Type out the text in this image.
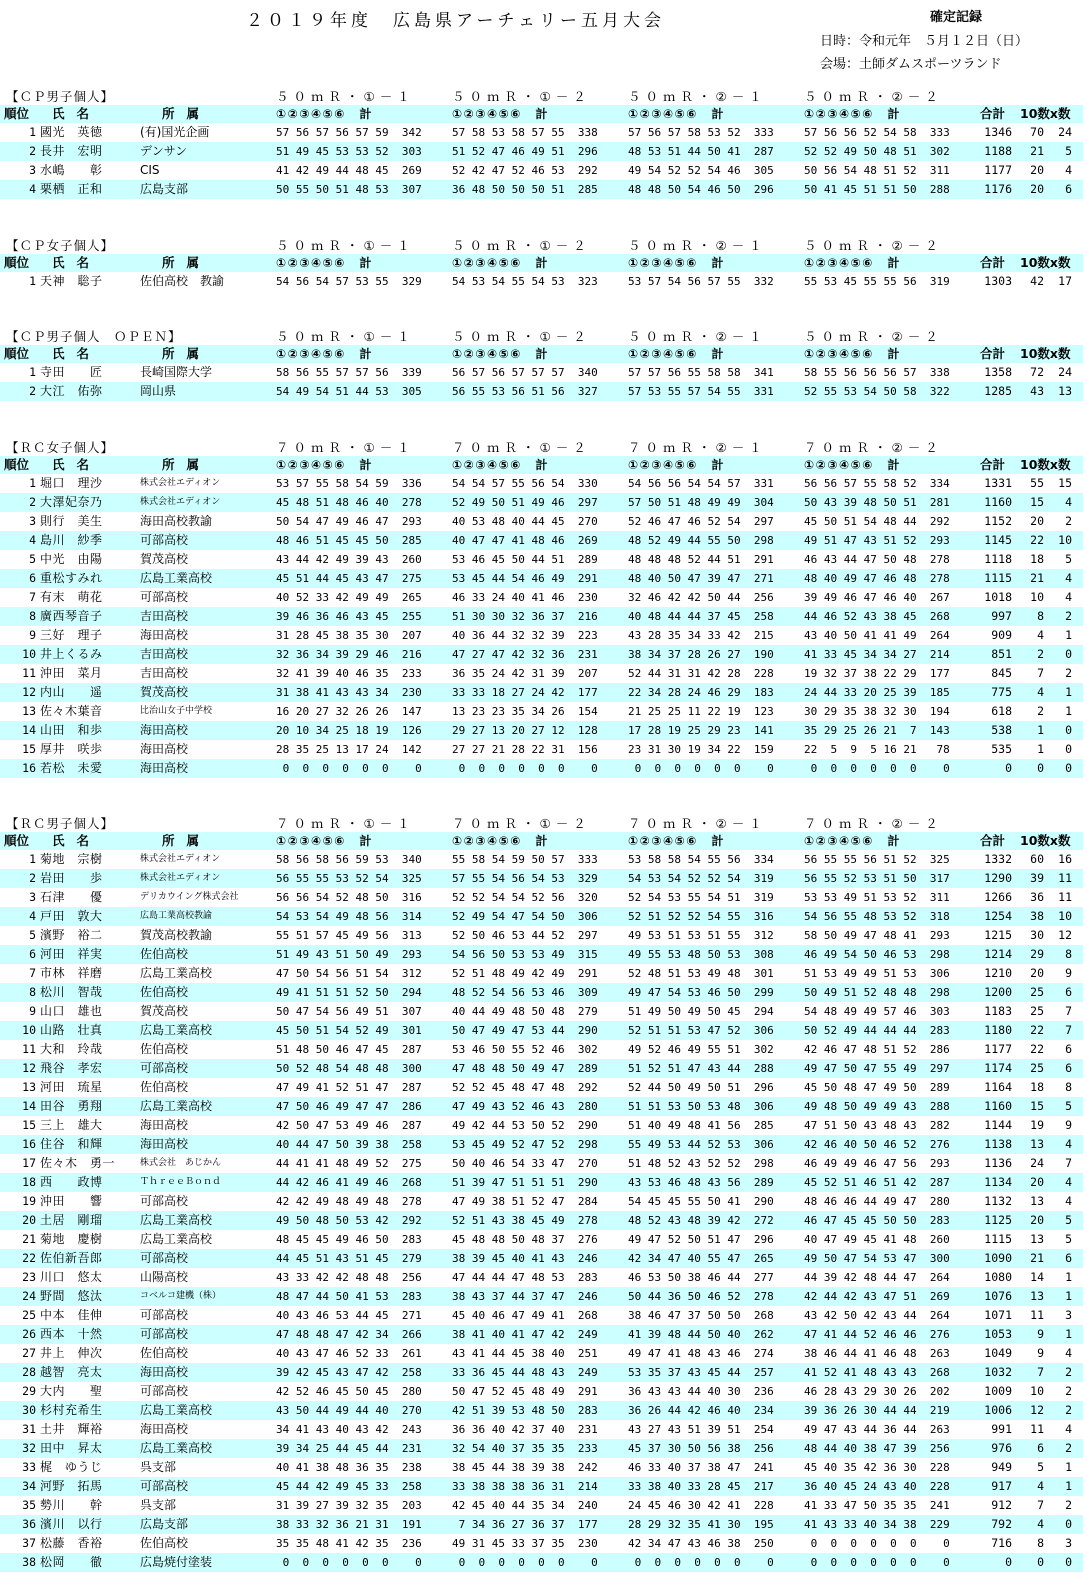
２０１９年度　広島県アーチェリー五月大会	確定記録
日時：令和元年　５月１２日（日）
会場：土師ダムスポーツランド
【ＣＰ男子個人】	５０ｍＲ・①－１	５０ｍＲ・①－２	５０ｍＲ・②－１	５０ｍＲ・②－２
順位 氏名	所属	①②③④⑤⑥　計	①②③④⑤⑥　計	①②③④⑤⑥　計	①②③④⑤⑥　計	合計 10数x数
1 國光　英徳	(有)国光企画	57 56 57 56 57 59  342	57 58 53 58 57 55  338	57 56 57 58 53 52  333	57 56 56 52 54 58  333	1346	70	24
2 長井　宏明	デンサン	51 49 45 53 53 52  303	51 52 47 46 49 51  296	48 53 51 44 50 41  287	52 52 49 50 48 51  302	1188	21	5
3 水嶋　　彰	CIS	41 42 49 44 48 45  269	52 42 47 52 46 53  292	49 54 52 52 54 46  305	50 56 54 48 51 52  311	1177	20	4
4 栗栖　正和	広島支部	50 55 50 51 48 53  307	36 48 50 50 50 51  285	48 48 50 54 46 50  296	50 41 45 51 51 50  288	1176	20	6
【ＣＰ女子個人】	５０ｍＲ・①－１	５０ｍＲ・①－２	５０ｍＲ・②－１	５０ｍＲ・②－２
順位 氏名	所属	①②③④⑤⑥　計	①②③④⑤⑥　計	①②③④⑤⑥　計	①②③④⑤⑥　計	合計 10数x数
1 天神　聡子	佐伯高校　教諭	54 56 54 57 53 55  329	54 53 54 55 54 53  323	53 57 54 56 57 55  332	55 53 45 55 55 56  319	1303	42	17
【ＣＰ男子個人　ＯＰＥＮ】	５０ｍＲ・①－１	５０ｍＲ・①－２	５０ｍＲ・②－１	５０ｍＲ・②－２
順位 氏名	所属	①②③④⑤⑥　計	①②③④⑤⑥　計	①②③④⑤⑥　計	①②③④⑤⑥　計	合計 10数x数
1 寺田　　匠	長崎国際大学	58 56 55 57 57 56  339	56 57 56 57 57 57  340	57 57 56 55 58 58  341	58 55 56 56 56 57  338	1358	72	24
2 大江　佑弥	岡山県	54 49 54 51 44 53  305	56 55 53 56 51 56  327	57 53 55 57 54 55  331	52 55 53 54 50 58  322	1285	43	13
【ＲＣ女子個人】	７０ｍＲ・①－１	７０ｍＲ・①－２	７０ｍＲ・②－１	７０ｍＲ・②－２
順位 氏名	所属	①②③④⑤⑥　計	①②③④⑤⑥　計	①②③④⑤⑥　計	①②③④⑤⑥　計	合計 10数x数
1 堀口　理沙	株式会社エディオン	53 57 55 58 54 59  336	54 54 57 55 56 54  330	54 56 56 54 54 57  331	56 56 57 55 58 52  334	1331	55	15
2 大澤妃奈乃	株式会社エディオン	45 48 51 48 46 40  278	52 49 50 51 49 46  297	57 50 51 48 49 49  304	50 43 39 48 50 51  281	1160	15	4
3 則行　美生	海田高校教諭	50 54 47 49 46 47  293	40 53 48 40 44 45  270	52 46 47 46 52 54  297	45 50 51 54 48 44  292	1152	20	2
4 島川　紗季	可部高校	48 46 51 45 45 50  285	40 47 47 41 48 46  269	48 52 49 44 55 50  298	49 51 47 43 51 52  293	1145	22	10
5 中光　由陽	賀茂高校	43 44 42 49 39 43  260	53 46 45 50 44 51  289	48 48 48 52 44 51  291	46 43 44 47 50 48  278	1118	18	5
6 重松すみれ	広島工業高校	45 51 44 45 43 47  275	53 45 44 54 46 49  291	48 40 50 47 39 47  271	48 40 49 47 46 48  278	1115	21	4
7 有末　萌花	可部高校	40 52 33 42 49 49  265	46 33 24 40 41 46  230	32 46 42 42 50 44  256	39 49 46 47 46 40  267	1018	10	4
8 廣西琴音子	吉田高校	39 46 36 46 43 45  255	51 30 30 32 36 37  216	40 48 44 44 37 45  258	44 46 52 43 38 45  268	997	8	2
9 三好　理子	海田高校	31 28 45 38 35 30  207	40 36 44 32 32 39  223	43 28 35 34 33 42  215	43 40 50 41 41 49  264	909	4	1
10 井上くるみ	吉田高校	32 36 34 39 29 46  216	47 27 47 42 32 36  231	38 34 37 28 26 27  190	41 33 45 34 34 27  214	851	2	0
11 沖田　菜月	吉田高校	32 41 39 40 46 35  233	36 35 24 42 31 39  207	52 44 31 31 42 28  228	19 32 37 38 22 29  177	845	7	2
12 内山　　遥	賀茂高校	31 38 41 43 43 34  230	33 33 18 27 24 42  177	22 34 28 24 46 29  183	24 44 33 20 25 39  185	775	4	1
13 佐々木葉音	比治山女子中学校	16 20 27 32 26 26  147	13 23 23 35 34 26  154	21 25 25 11 22 19  123	30 29 35 38 32 30  194	618	2	1
14 山田　和歩	海田高校	20 10 34 25 18 19  126	29 27 13 20 27 12  128	17 28 19 25 29 23  141	35 29 25 26 21  7  143	538	1	0
15 厚井　咲歩	海田高校	28 35 25 13 17 24  142	27 27 21 28 22 31  156	23 31 30 19 34 22  159	22  5  9  5 16 21   78	535	1	0
16 若松　未愛	海田高校	0  0  0  0  0  0    0	0  0  0  0  0  0    0	0  0  0  0  0  0    0	0  0  0  0  0  0    0	0	0	0
【ＲＣ男子個人】	７０ｍＲ・①－１	７０ｍＲ・①－２	７０ｍＲ・②－１	７０ｍＲ・②－２
順位 氏名	所属	①②③④⑤⑥　計	①②③④⑤⑥　計	①②③④⑤⑥　計	①②③④⑤⑥　計	合計 10数x数
1 菊地　宗樹	株式会社エディオン	58 56 58 56 59 53  340	55 58 54 59 50 57  333	53 58 58 54 55 56  334	56 55 55 56 51 52  325	1332	60	16
2 岩田　　歩	株式会社エディオン	56 55 55 53 52 54  325	57 55 54 56 54 53  329	54 53 54 52 52 54  319	56 55 52 53 51 50  317	1290	39	11
3 石津　　優	デリカウイング株式会社	56 56 54 52 48 50  316	52 52 54 54 52 56  320	52 54 53 55 54 51  319	53 53 49 51 53 52  311	1266	36	11
4 戸田　敦大	広島工業高校教諭	54 53 54 49 48 56  314	52 49 54 47 54 50  306	52 51 52 52 54 55  316	54 56 55 48 53 52  318	1254	38	10
5 濱野　裕二	賀茂高校教諭	55 51 57 45 49 56  313	52 50 46 53 44 52  297	49 53 51 53 51 55  312	58 50 49 47 48 41  293	1215	30	12
6 河田　祥実	佐伯高校	51 49 43 51 50 49  293	54 56 50 53 53 49  315	49 55 53 48 50 53  308	46 49 54 50 46 53  298	1214	29	8
7 市林　祥磨	広島工業高校	47 50 54 56 51 54  312	52 51 48 49 42 49  291	52 48 51 53 49 48  301	51 53 49 49 51 53  306	1210	20	9
8 松川　智哉	佐伯高校	49 41 51 51 52 50  294	48 52 54 56 53 46  309	49 47 54 53 46 50  299	50 49 51 52 48 48  298	1200	25	6
9 山口　雄也	賀茂高校	50 47 54 56 49 51  307	40 44 49 48 50 48  279	51 49 50 49 50 45  294	54 48 49 49 57 46  303	1183	25	7
10 山路　壮真	広島工業高校	45 50 51 54 52 49  301	50 47 49 47 53 44  290	52 51 51 53 47 52  306	50 52 49 44 44 44  283	1180	22	7
11 大和　玲哉	佐伯高校	51 48 50 46 47 45  287	53 46 50 55 52 46  302	49 52 46 49 55 51  302	42 46 47 48 51 52  286	1177	22	6
12 飛谷　孝宏	可部高校	50 52 48 54 48 48  300	47 48 48 50 49 47  289	51 52 51 47 43 44  288	49 47 50 47 55 49  297	1174	25	6
13 河田　琉星	佐伯高校	47 49 41 52 51 47  287	52 52 45 48 47 48  292	52 44 50 49 50 51  296	45 50 48 47 49 50  289	1164	18	8
14 田谷　勇翔	広島工業高校	47 50 46 49 47 47  286	47 49 43 52 46 43  280	51 51 53 50 53 48  306	49 48 50 49 49 43  288	1160	15	5
15 三上　雄大	海田高校	42 50 47 53 49 46  287	49 42 44 53 50 52  290	51 40 49 48 41 56  285	47 51 50 43 48 43  282	1144	19	9
16 住谷　和輝	海田高校	40 44 47 50 39 38  258	53 45 49 52 47 52  298	55 49 53 44 52 53  306	42 46 40 50 46 52  276	1138	13	4
17 佐々木　勇一	株式会社　あじかん	44 41 41 48 49 52  275	50 40 46 54 33 47  270	51 48 52 43 52 52  298	46 49 49 46 47 56  293	1136	24	7
18 西　　政博	ＴｈｒｅｅＢｏｎｄ	44 42 46 41 49 46  268	51 39 47 51 51 51  290	43 53 46 48 43 56  289	45 52 51 46 51 42  287	1134	20	4
19 沖田　　響	可部高校	42 42 49 48 49 48  278	47 49 38 51 52 47  284	54 45 45 55 50 41  290	48 46 46 44 49 47  280	1132	13	4
20 土居　剛瑠	広島工業高校	49 50 48 50 53 42  292	52 51 43 38 45 49  278	48 52 43 48 39 42  272	46 47 45 45 50 50  283	1125	20	5
21 菊地　慶樹	広島工業高校	48 45 45 49 46 50  283	45 48 48 50 48 37  276	49 47 52 50 51 47  296	40 47 49 45 41 48  260	1115	13	5
22 佐伯新吾郎	可部高校	44 45 51 43 51 45  279	38 39 45 40 41 43  246	42 34 47 40 55 47  265	49 50 47 54 53 47  300	1090	21	6
23 川口　悠太	山陽高校	43 33 42 42 48 48  256	47 44 44 47 48 53  283	46 53 50 38 46 44  277	44 39 42 48 44 47  264	1080	14	1
24 野間　悠汰	コベルコ建機（株）	48 47 44 50 41 53  283	38 43 37 44 37 47  246	50 44 36 50 46 52  278	42 44 42 43 47 51  269	1076	13	1
25 中本　佳伸	可部高校	40 43 46 53 44 45  271	45 40 46 47 49 41  268	38 46 47 37 50 50  268	43 42 50 42 43 44  264	1071	11	3
26 西本　十然	可部高校	47 48 48 47 42 34  266	38 41 40 41 47 42  249	41 39 48 44 50 40  262	47 41 44 52 46 46  276	1053	9	1
27 井上　伸次	佐伯高校	40 43 47 46 52 33  261	43 41 44 45 38 40  251	49 47 41 48 43 46  274	38 46 44 41 46 48  263	1049	9	4
28 越智　亮太	海田高校	39 42 45 43 47 42  258	33 36 45 44 48 43  249	53 35 37 43 45 44  257	41 52 41 48 43 43  268	1032	7	2
29 大内　　聖	可部高校	42 52 46 45 50 45  280	50 47 52 45 48 49  291	36 43 43 44 40 30  236	46 28 43 29 30 26  202	1009	10	2
30 杉村充希生	広島工業高校	43 50 44 49 44 40  270	42 51 39 53 48 50  283	36 26 44 42 46 40  234	39 36 26 30 44 44  219	1006	12	2
31 土井　輝裕	海田高校	34 41 43 40 43 42  243	36 36 40 42 37 40  231	43 27 43 51 39 51  254	49 47 43 44 36 44  263	991	11	4
32 田中　昇太	広島工業高校	39 34 25 44 45 44  231	32 54 40 37 35 35  233	45 37 30 50 56 38  256	48 44 40 38 47 39  256	976	6	2
33 梶　ゆうじ	呉支部	40 41 38 48 36 35  238	38 45 44 38 39 38  242	46 33 40 37 38 47  241	45 40 35 42 36 30  228	949	5	1
34 河野　拓馬	可部高校	45 44 42 49 45 33  258	33 38 38 38 36 31  214	33 38 40 33 28 45  217	36 40 45 24 43 40  228	917	4	1
35 勢川　　幹	呉支部	31 39 27 39 32 35  203	42 45 40 44 35 34  240	24 45 46 30 42 41  228	41 33 47 50 35 35  241	912	7	2
36 濱川　以行	広島支部	38 33 32 36 21 31  191	7 34 36 27 36 37  177	28 29 32 35 41 30  195	41 43 33 40 34 38  229	792	4	0
37 松藤　香裕	佐伯高校	35 35 48 41 42 35  236	49 31 45 33 37 35  230	42 34 47 43 46 38  250	0  0  0  0  0  0    0	716	8	3
38 松岡　　徹	広島焼付塗装	0  0  0  0  0  0    0	0  0  0  0  0  0    0	0  0  0  0  0  0    0	0  0  0  0  0  0    0	0	0	0
